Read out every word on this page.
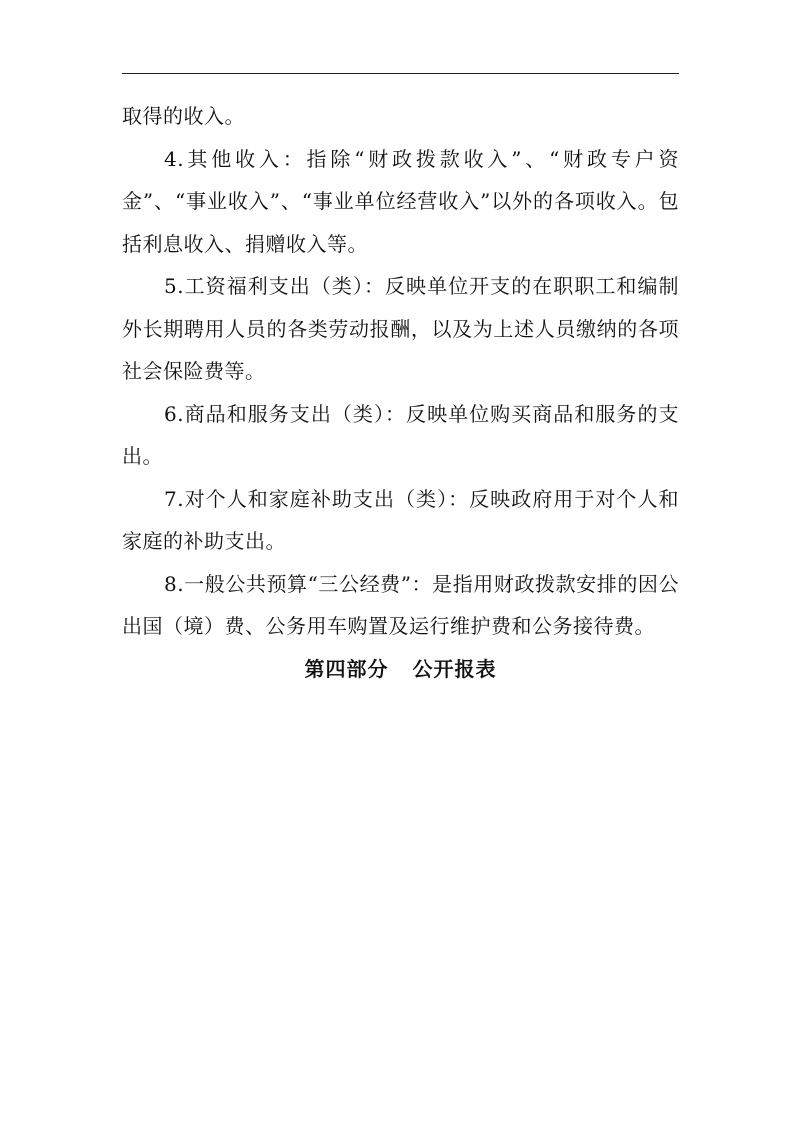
取得的收入。

4.其他收入：指除“财政拨款收入”、“财政专户资金”、“事业收入”、“事业单位经营收入”以外的各项收入。包括利息收入、捐赠收入等。

5.工资福利支出（类）：反映单位开支的在职职工和编制外长期聘用人员的各类劳动报酬，以及为上述人员缴纳的各项社会保险费等。

6.商品和服务支出（类）：反映单位购买商品和服务的支出。

7.对个人和家庭补助支出（类）：反映政府用于对个人和家庭的补助支出。

8.一般公共预算“三公经费”：是指用财政拨款安排的因公出国（境）费、公务用车购置及运行维护费和公务接待费。

第四部分 公开报表
